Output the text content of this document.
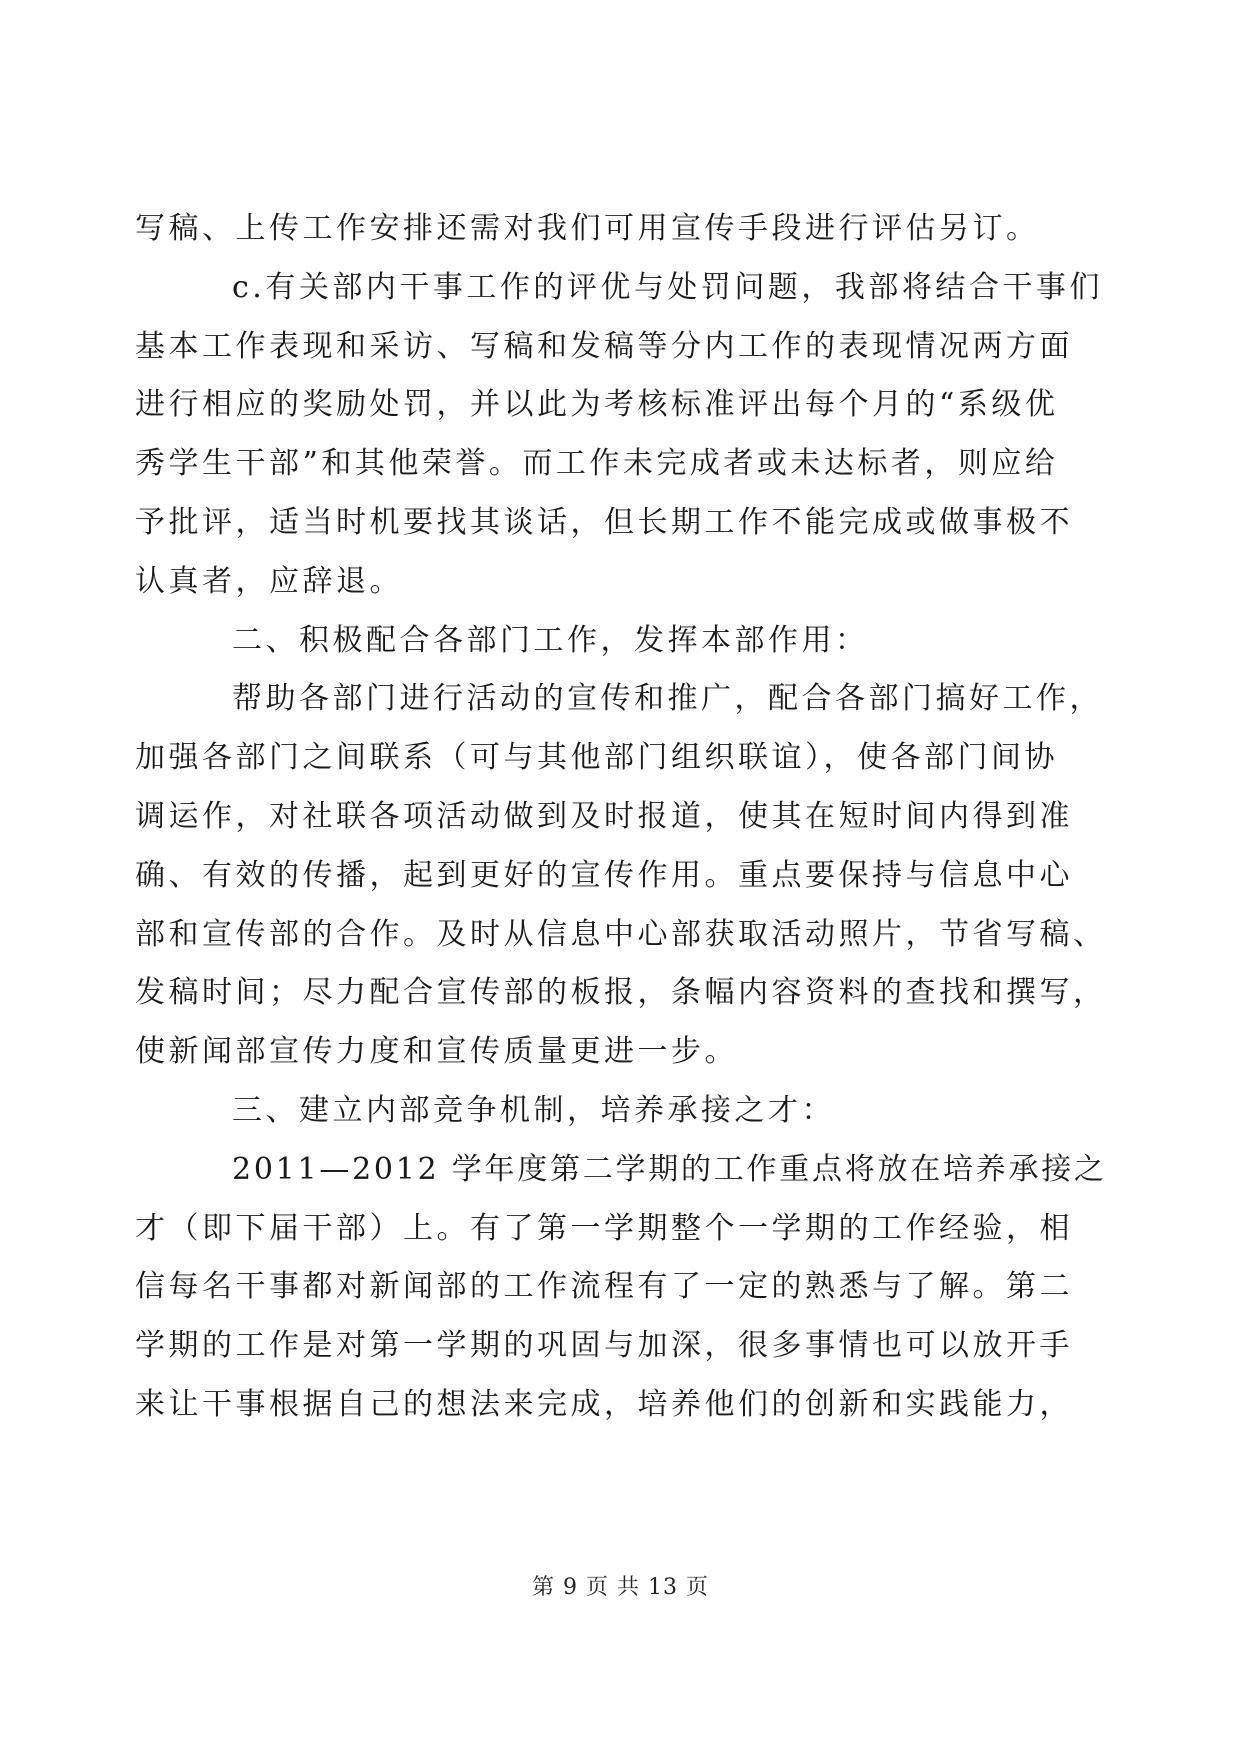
写稿、上传工作安排还需对我们可用宣传手段进行评估另订。
c.有关部内干事工作的评优与处罚问题，我部将结合干事们
基本工作表现和采访、写稿和发稿等分内工作的表现情况两方面
进行相应的奖励处罚，并以此为考核标准评出每个月的“系级优
秀学生干部”和其他荣誉。而工作未完成者或未达标者，则应给
予批评，适当时机要找其谈话，但长期工作不能完成或做事极不
认真者，应辞退。
二、积极配合各部门工作，发挥本部作用：
帮助各部门进行活动的宣传和推广，配合各部门搞好工作，
加强各部门之间联系（可与其他部门组织联谊），使各部门间协
调运作，对社联各项活动做到及时报道，使其在短时间内得到准
确、有效的传播，起到更好的宣传作用。重点要保持与信息中心
部和宣传部的合作。及时从信息中心部获取活动照片，节省写稿、
发稿时间；尽力配合宣传部的板报，条幅内容资料的查找和撰写，
使新闻部宣传力度和宣传质量更进一步。
三、建立内部竞争机制，培养承接之才：
2011—2012 学年度第二学期的工作重点将放在培养承接之
才（即下届干部）上。有了第一学期整个一学期的工作经验，相
信每名干事都对新闻部的工作流程有了一定的熟悉与了解。第二
学期的工作是对第一学期的巩固与加深，很多事情也可以放开手
来让干事根据自己的想法来完成，培养他们的创新和实践能力，
第 9 页 共 13 页
